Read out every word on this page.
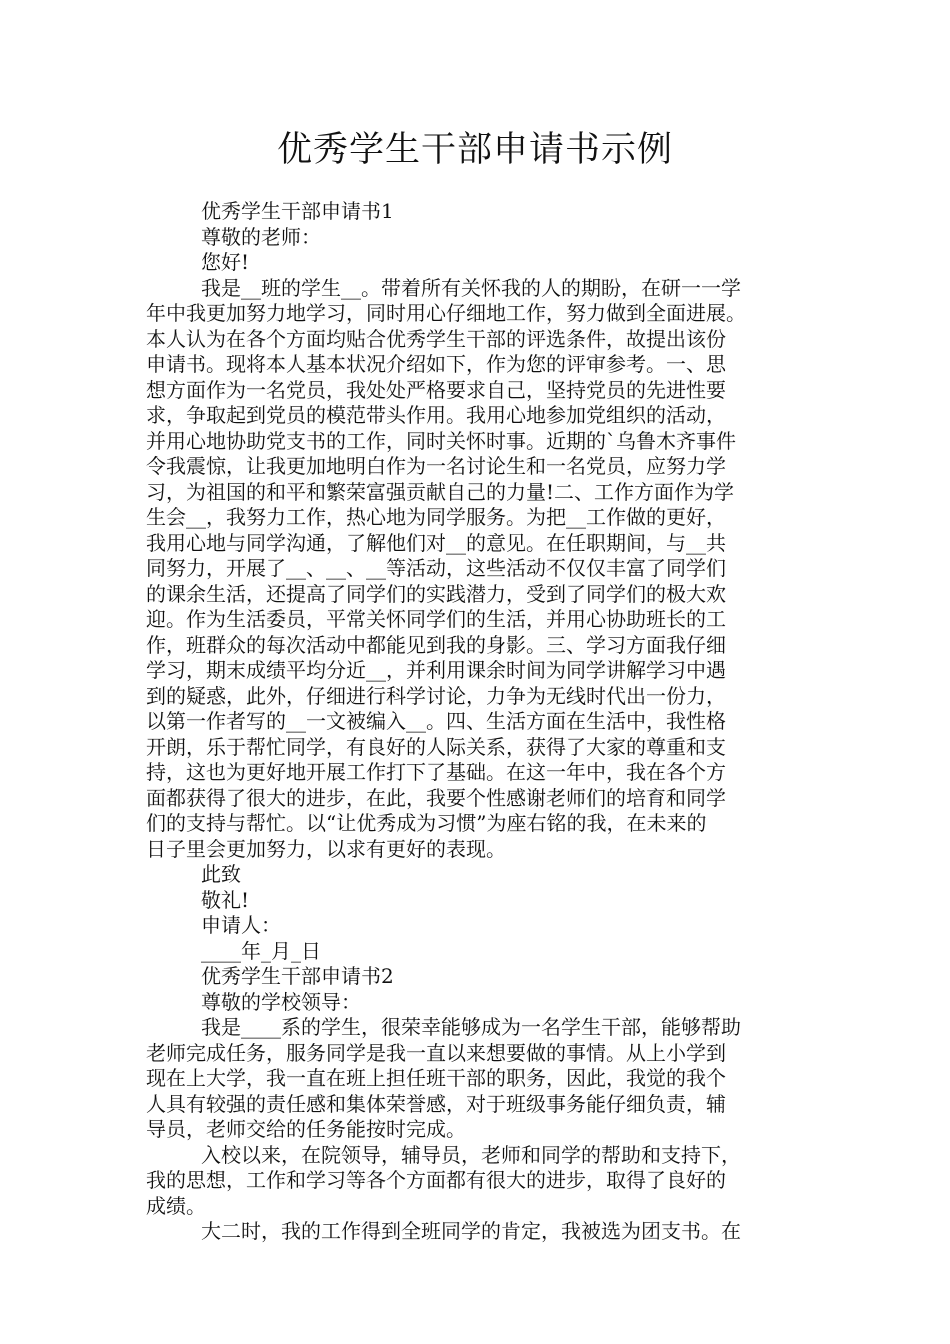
优秀学生干部申请书示例
优秀学生干部申请书1
尊敬的老师：
您好!
我是__班的学生__。带着所有关怀我的人的期盼，在研一一学
年中我更加努力地学习，同时用心仔细地工作，努力做到全面进展。
本人认为在各个方面均贴合优秀学生干部的评选条件，故提出该份
申请书。现将本人基本状况介绍如下，作为您的评审参考。一、思
想方面作为一名党员，我处处严格要求自己，坚持党员的先进性要
求，争取起到党员的模范带头作用。我用心地参加党组织的活动，
并用心地协助党支书的工作，同时关怀时事。近期的`乌鲁木齐事件
令我震惊，让我更加地明白作为一名讨论生和一名党员，应努力学
习，为祖国的和平和繁荣富强贡献自己的力量!二、工作方面作为学
生会__，我努力工作，热心地为同学服务。为把__工作做的更好，
我用心地与同学沟通，了解他们对__的意见。在任职期间，与__共
同努力，开展了__、__、__等活动，这些活动不仅仅丰富了同学们
的课余生活，还提高了同学们的实践潜力，受到了同学们的极大欢
迎。作为生活委员，平常关怀同学们的生活，并用心协助班长的工
作，班群众的每次活动中都能见到我的身影。三、学习方面我仔细
学习，期末成绩平均分近__，并利用课余时间为同学讲解学习中遇
到的疑惑，此外，仔细进行科学讨论，力争为无线时代出一份力，
以第一作者写的__一文被编入__。四、生活方面在生活中，我性格
开朗，乐于帮忙同学，有良好的人际关系，获得了大家的尊重和支
持，这也为更好地开展工作打下了基础。在这一年中，我在各个方
面都获得了很大的进步，在此，我要个性感谢老师们的培育和同学
们的支持与帮忙。以“让优秀成为习惯”为座右铭的我，在未来的
日子里会更加努力，以求有更好的表现。
此致
敬礼!
申请人：
____年_月_日
优秀学生干部申请书2
尊敬的学校领导：
我是____系的学生，很荣幸能够成为一名学生干部，能够帮助
老师完成任务，服务同学是我一直以来想要做的事情。从上小学到
现在上大学，我一直在班上担任班干部的职务，因此，我觉的我个
人具有较强的责任感和集体荣誉感，对于班级事务能仔细负责，辅
导员，老师交给的任务能按时完成。
入校以来，在院领导，辅导员，老师和同学的帮助和支持下，
我的思想，工作和学习等各个方面都有很大的进步，取得了良好的
成绩。
大二时，我的工作得到全班同学的肯定，我被选为团支书。在
